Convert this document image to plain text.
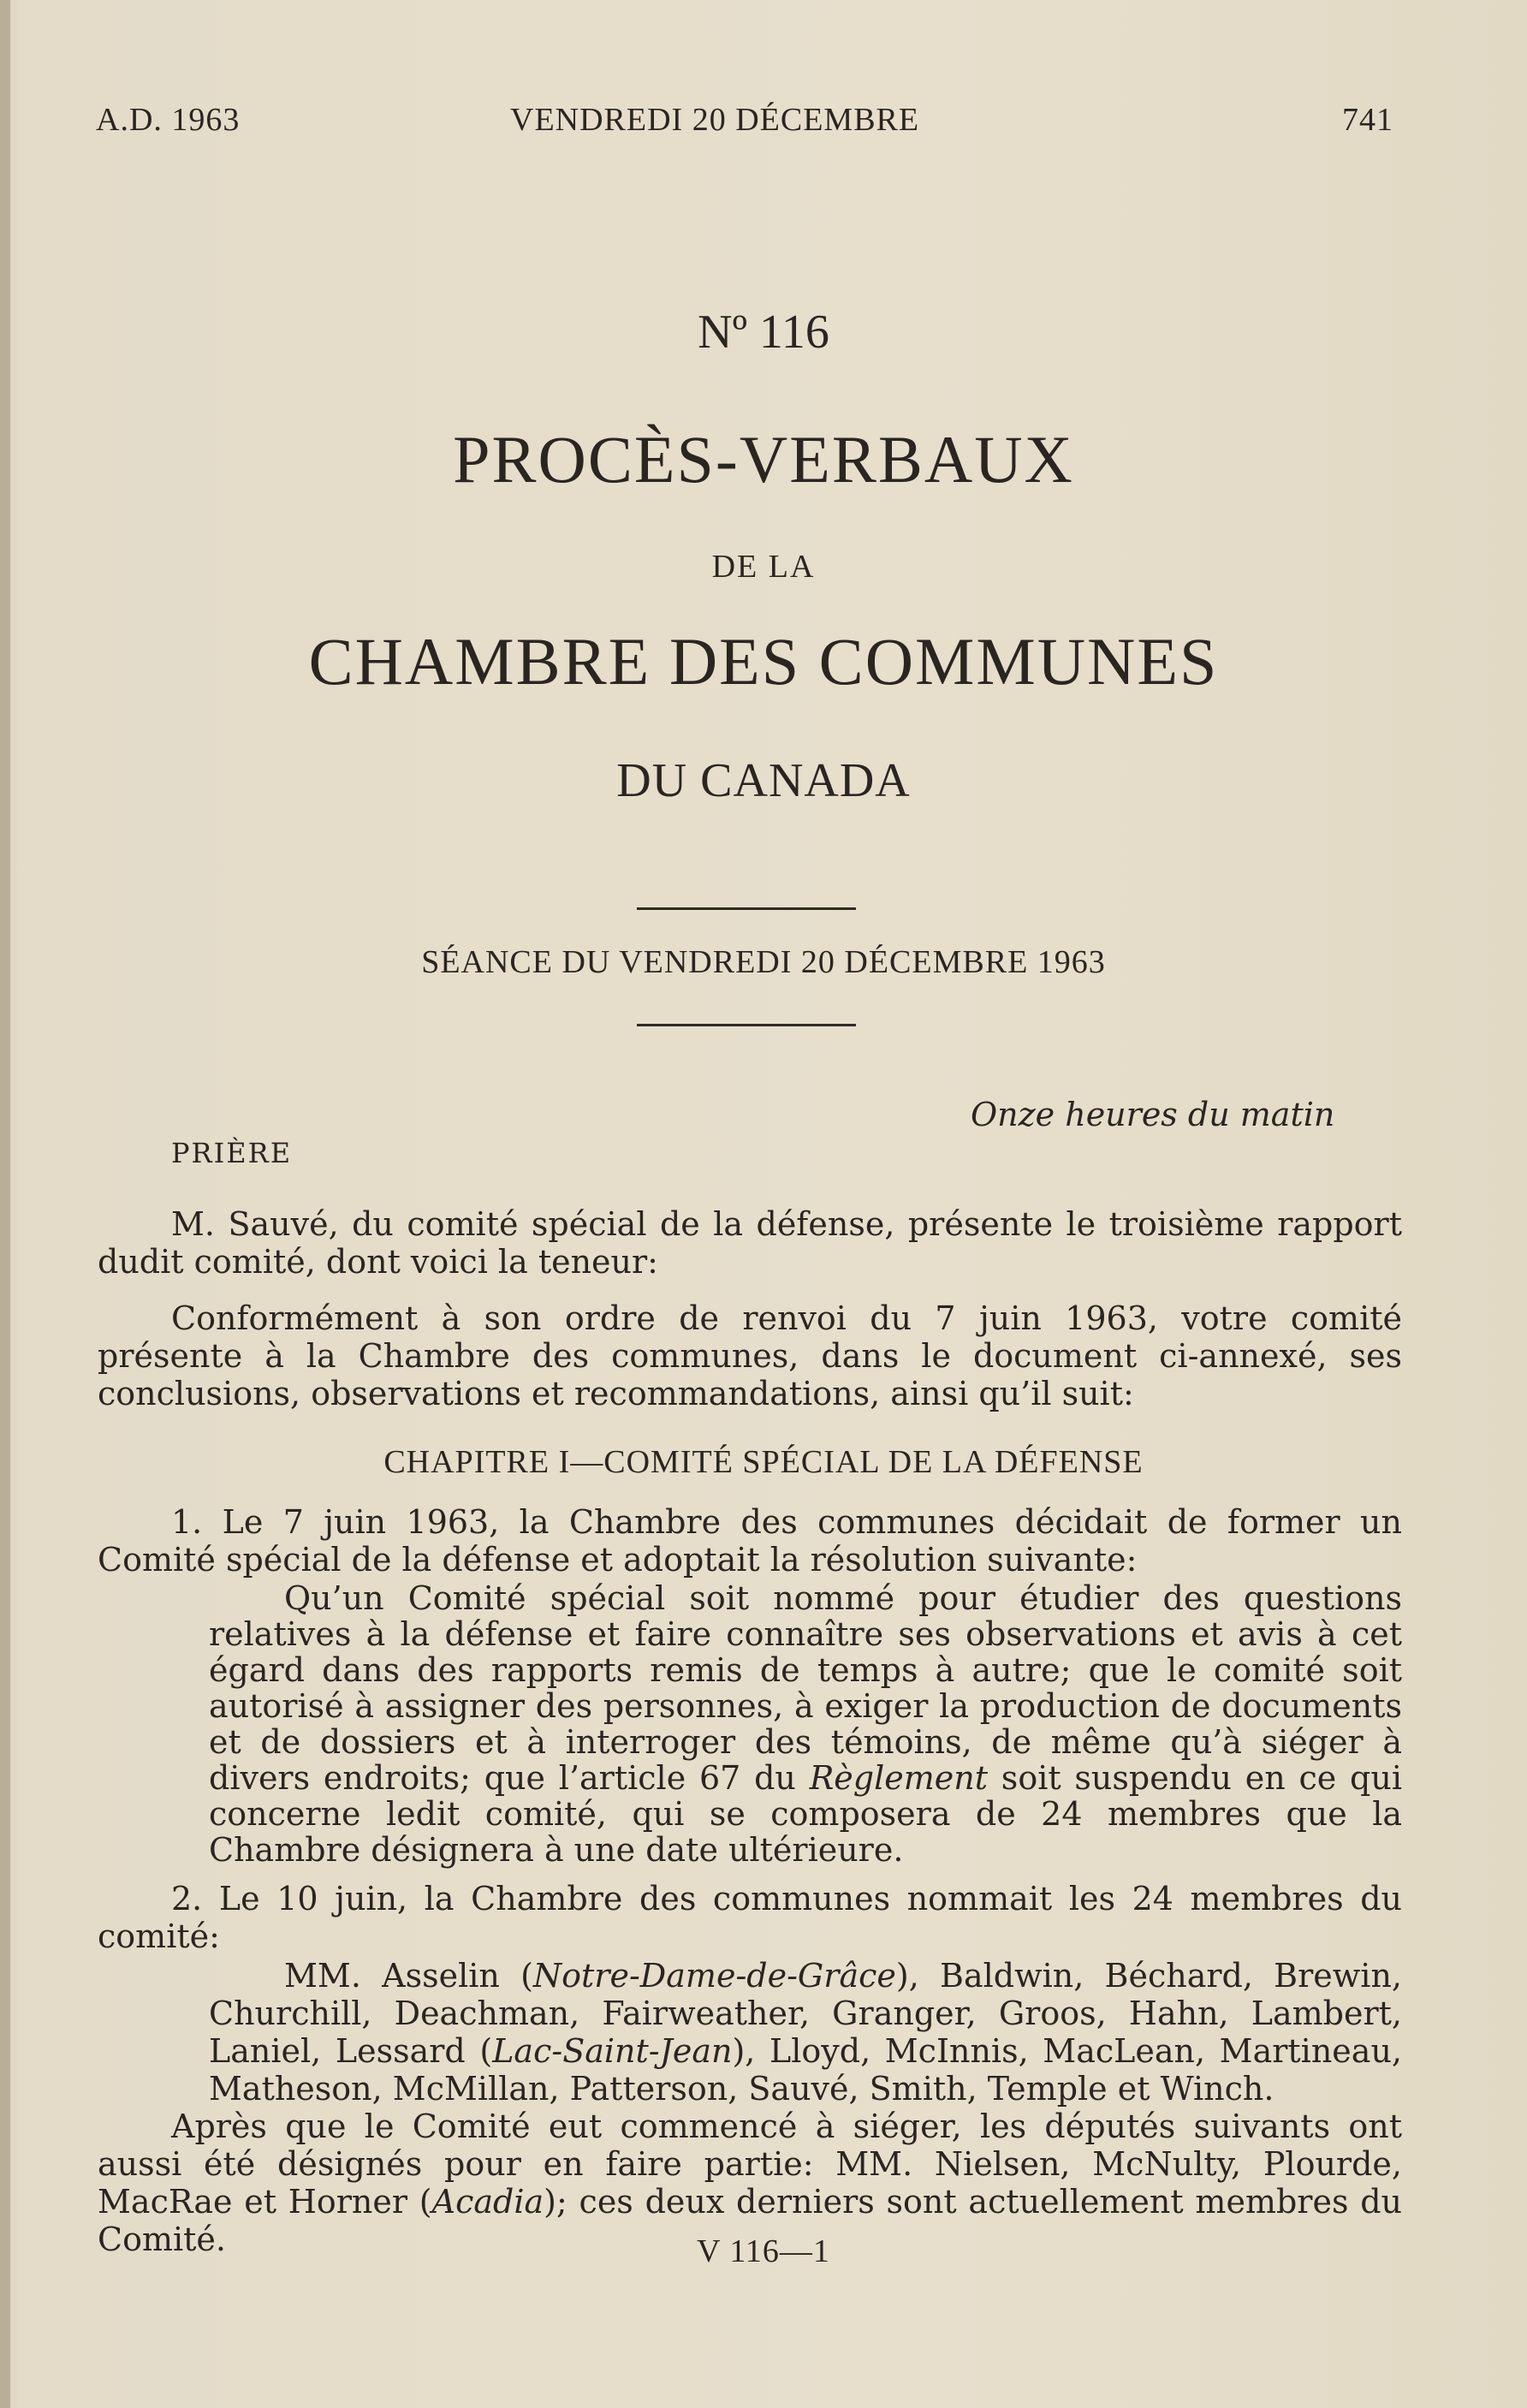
A.D. 1963	VENDREDI 20 DÉCEMBRE	741
Nº 116
PROCÈS-VERBAUX
DE LA
CHAMBRE DES COMMUNES
DU CANADA
SÉANCE DU VENDREDI 20 DÉCEMBRE 1963
Onze heures du matin
PRIÈRE

M. Sauvé, du comité spécial de la défense, présente le troisième rapport dudit comité, dont voici la teneur:

Conformément à son ordre de renvoi du 7 juin 1963, votre comité présente à la Chambre des communes, dans le document ci-annexé, ses conclusions, observations et recommandations, ainsi qu’il suit:

CHAPITRE I—COMITÉ SPÉCIAL DE LA DÉFENSE

1. Le 7 juin 1963, la Chambre des communes décidait de former un Comité spécial de la défense et adoptait la résolution suivante:

Qu’un Comité spécial soit nommé pour étudier des questions relatives à la défense et faire connaître ses observations et avis à cet égard dans des rapports remis de temps à autre; que le comité soit autorisé à assigner des personnes, à exiger la production de documents et de dossiers et à interroger des témoins, de même qu’à siéger à divers endroits; que l’article 67 du Règlement soit suspendu en ce qui concerne ledit comité, qui se composera de 24 membres que la Chambre désignera à une date ultérieure.

2. Le 10 juin, la Chambre des communes nommait les 24 membres du comité:

MM. Asselin (Notre-Dame-de-Grâce), Baldwin, Béchard, Brewin, Churchill, Deachman, Fairweather, Granger, Groos, Hahn, Lambert, Laniel, Lessard (Lac-Saint-Jean), Lloyd, McInnis, MacLean, Martineau, Matheson, McMillan, Patterson, Sauvé, Smith, Temple et Winch.

Après que le Comité eut commencé à siéger, les députés suivants ont aussi été désignés pour en faire partie: MM. Nielsen, McNulty, Plourde, MacRae et Horner (Acadia); ces deux derniers sont actuellement membres du Comité.	V 116—1
